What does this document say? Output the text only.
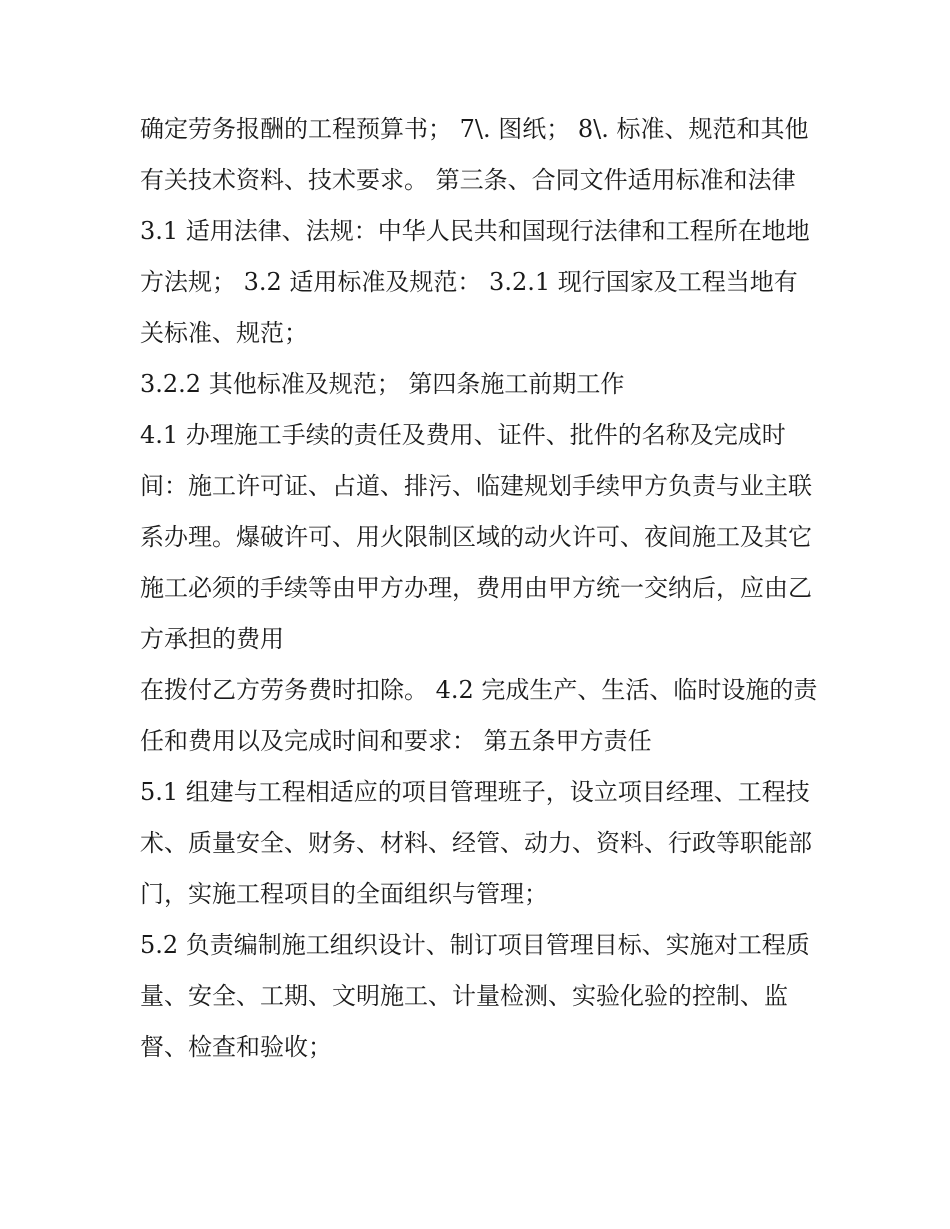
确定劳务报酬的工程预算书； 7\. 图纸； 8\. 标准、规范和其他有关技术资料、技术要求。 第三条、合同文件适用标准和法律

3.1 适用法律、法规：中华人民共和国现行法律和工程所在地地方法规； 3.2 适用标准及规范： 3.2.1 现行国家及工程当地有关标准、规范；

3.2.2 其他标准及规范； 第四条施工前期工作

4.1 办理施工手续的责任及费用、证件、批件的名称及完成时间：施工许可证、占道、排污、临建规划手续甲方负责与业主联系办理。爆破许可、用火限制区域的动火许可、夜间施工及其它施工必须的手续等由甲方办理，费用由甲方统一交纳后，应由乙方承担的费用

在拨付乙方劳务费时扣除。 4.2 完成生产、生活、临时设施的责任和费用以及完成时间和要求： 第五条甲方责任

5.1 组建与工程相适应的项目管理班子，设立项目经理、工程技术、质量安全、财务、材料、经管、动力、资料、行政等职能部门，实施工程项目的全面组织与管理；

5.2 负责编制施工组织设计、制订项目管理目标、实施对工程质量、安全、工期、文明施工、计量检测、实验化验的控制、监督、检查和验收；
